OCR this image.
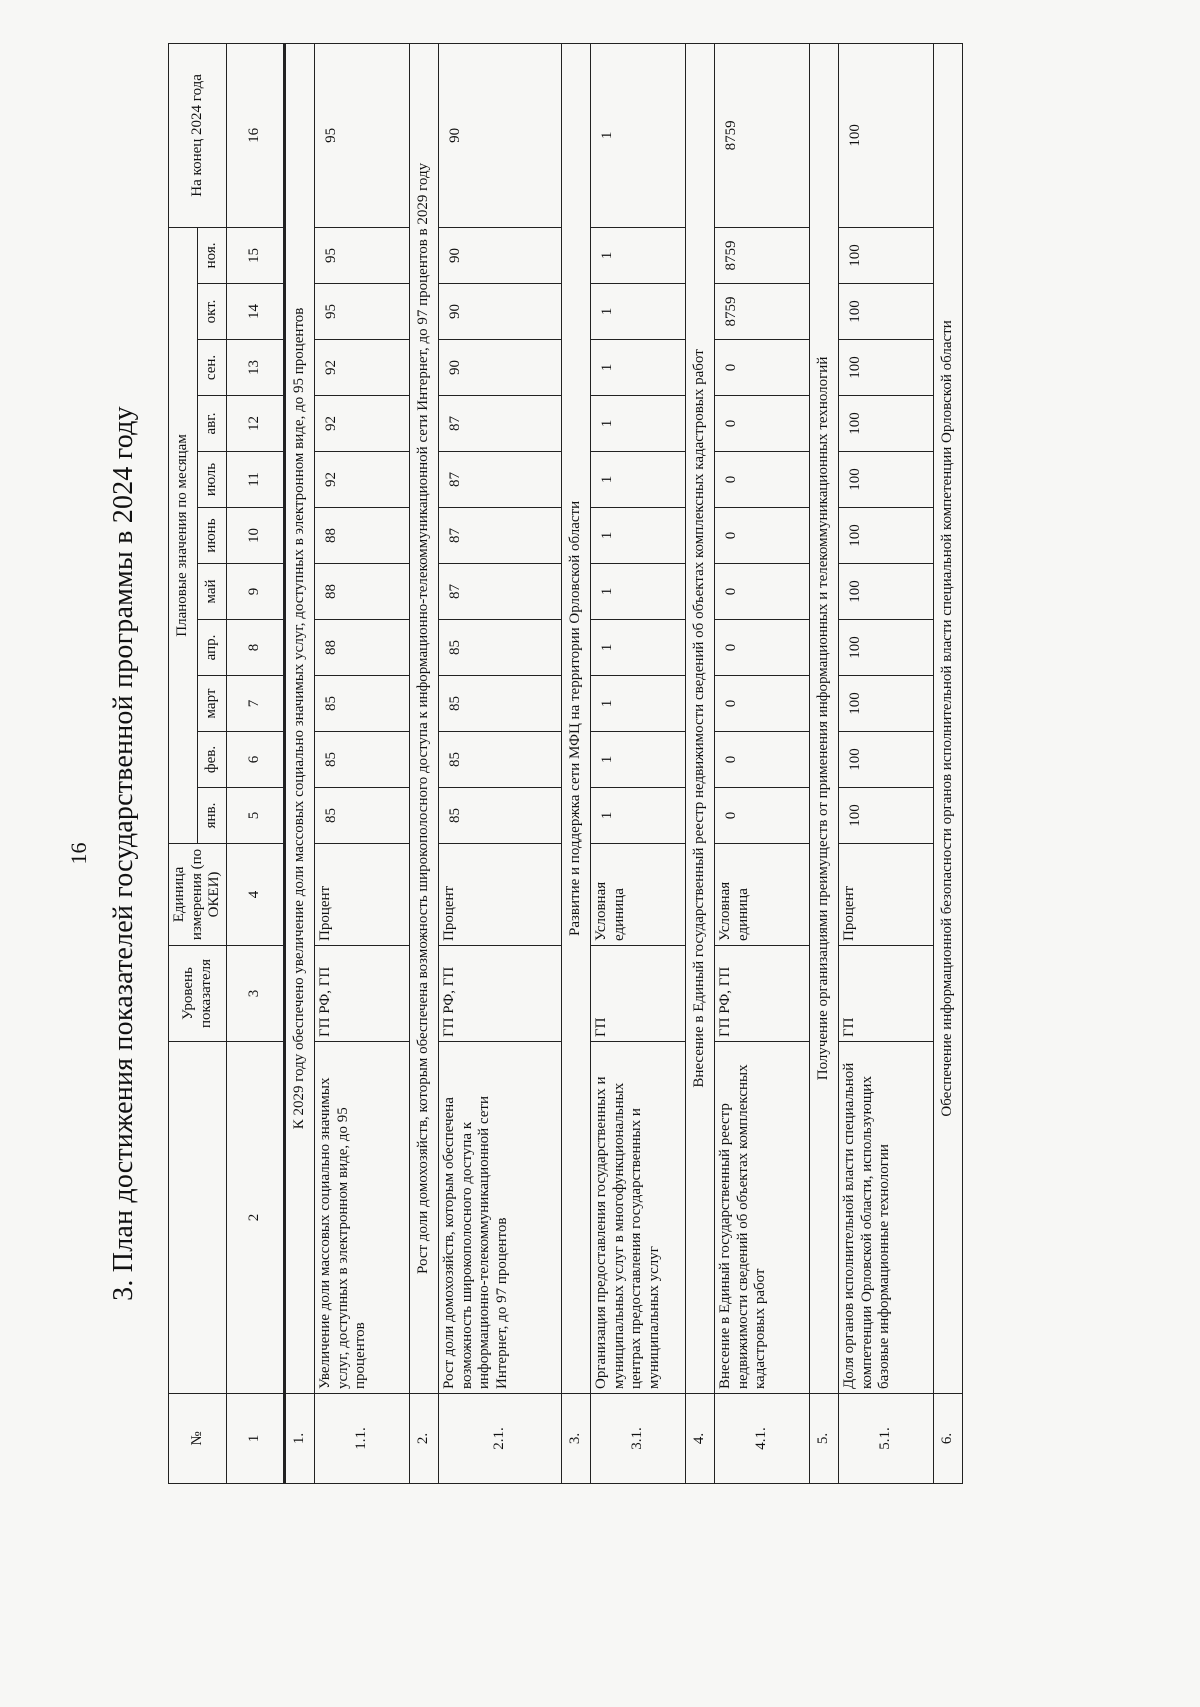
16 3. План достижения показателей государственной программы в 2024 году
№		Уровень показателя	Единица измерения (по ОКЕИ)	Плановые значения по месяцам											На конец 2024 года
				янв.	фев.	март	апр.	май	июнь	июль	авг.	сен.	окт.	ноя.	
1	2	3	4	5	6	7	8	9	10	11	12	13	14	15	16
1.	К 2029 году обеспечено увеличение доли массовых социально значимых услуг, доступных в электронном виде, до 95 процентов														
1.1.	Увеличение доли массовых социально значимых услуг, доступных в электронном виде, до 95 процентов	ГП РФ, ГП	Процент	85	85	85	88	88	88	92	92	92	95	95	95
2.	Рост доли домохозяйств, которым обеспечена возможность широкополосного доступа к информационно-телекоммуникационной сети Интернет, до 97 процентов в 2029 году														
2.1.	Рост доли домохозяйств, которым обеспечена возможность широкополосного доступа к информационно-телекоммуникационной сети Интернет, до 97 процентов	ГП РФ, ГП	Процент	85	85	85	85	87	87	87	87	90	90	90	90
3.	Развитие и поддержка сети МФЦ на территории Орловской области														
3.1.	Организация предоставления государственных и муниципальных услуг в многофункциональных центрах предоставления государственных и муниципальных услуг	ГП	Условная единица	1	1	1	1	1	1	1	1	1	1	1	1
4.	Внесение в Единый государственный реестр недвижимости сведений об объектах комплексных кадастровых работ														
4.1.	Внесение в Единый государственный реестр недвижимости сведений об объектах комплексных кадастровых работ	ГП РФ, ГП	Условная единица	0	0	0	0	0	0	0	0	0	8759	8759	8759
5.	Получение организациями преимуществ от применения информационных и телекоммуникационных технологий														
5.1.	Доля органов исполнительной власти специальной компетенции Орловской области, использующих базовые информационные технологии	ГП	Процент	100	100	100	100	100	100	100	100	100	100	100	100
6.	Обеспечение информационной безопасности органов исполнительной власти специальной компетенции Орловской области														
